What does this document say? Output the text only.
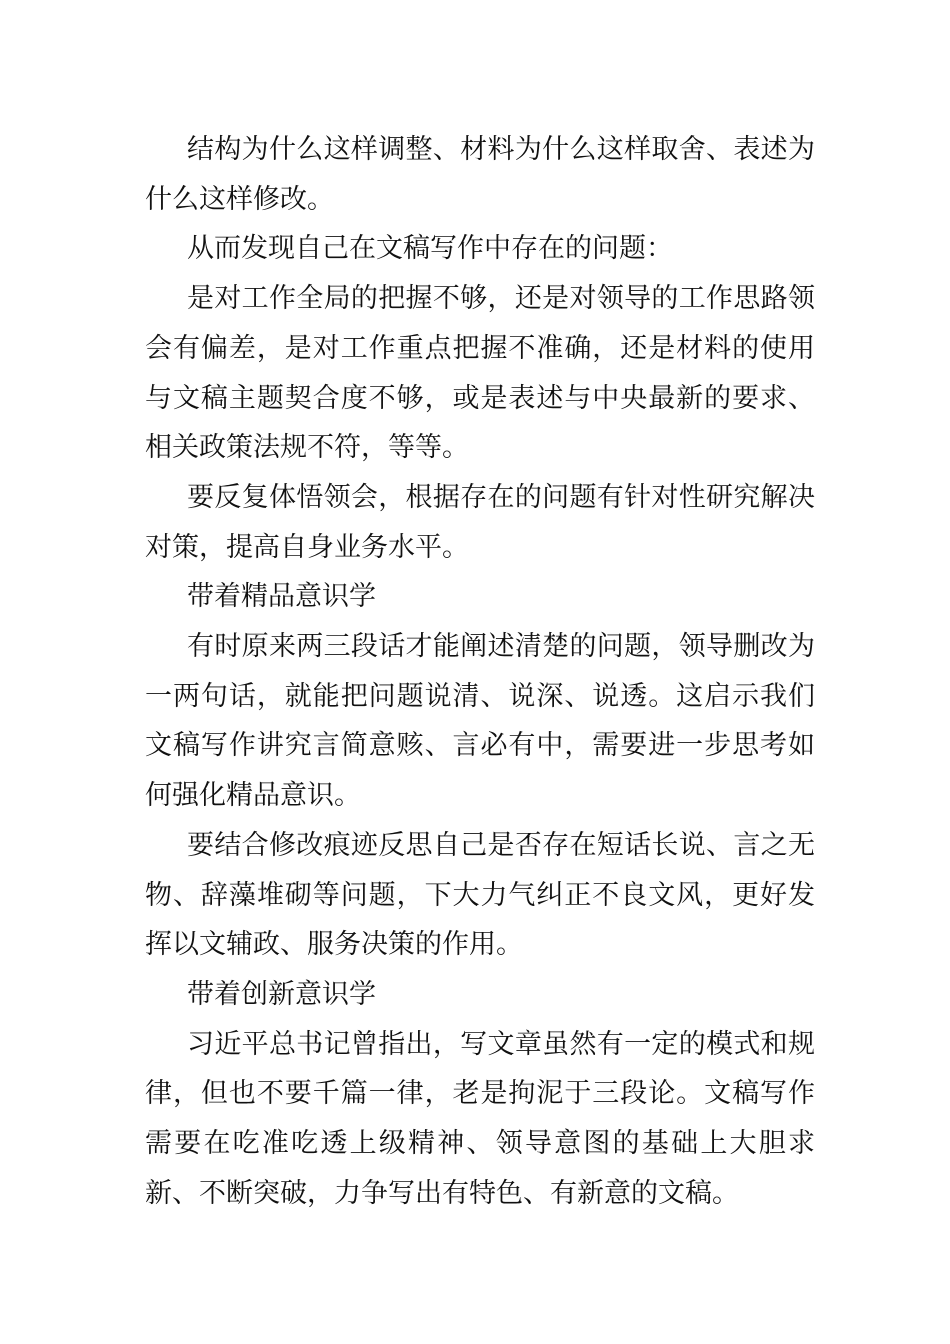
结构为什么这样调整、材料为什么这样取舍、表述为什么这样修改。

从而发现自己在文稿写作中存在的问题：

是对工作全局的把握不够，还是对领导的工作思路领会有偏差，是对工作重点把握不准确，还是材料的使用与文稿主题契合度不够，或是表述与中央最新的要求、相关政策法规不符，等等。

要反复体悟领会，根据存在的问题有针对性研究解决对策，提高自身业务水平。

带着精品意识学

有时原来两三段话才能阐述清楚的问题，领导删改为一两句话，就能把问题说清、说深、说透。这启示我们文稿写作讲究言简意赅、言必有中，需要进一步思考如何强化精品意识。

要结合修改痕迹反思自己是否存在短话长说、言之无物、辞藻堆砌等问题，下大力气纠正不良文风，更好发挥以文辅政、服务决策的作用。

带着创新意识学

习近平总书记曾指出，写文章虽然有一定的模式和规律，但也不要千篇一律，老是拘泥于三段论。文稿写作需要在吃准吃透上级精神、领导意图的基础上大胆求新、不断突破，力争写出有特色、有新意的文稿。
